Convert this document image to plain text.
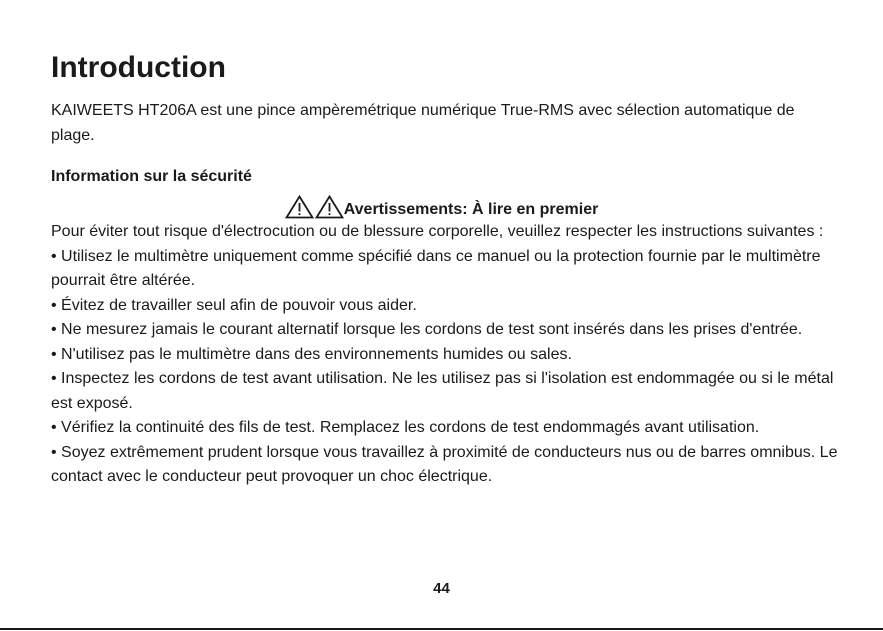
Introduction

KAIWEETS HT206A est une pince ampèremétrique numérique True-RMS avec sélection automatique de plage.

Information sur la sécurité
Avertissements: À lire en premier

Pour éviter tout risque d'électrocution ou de blessure corporelle, veuillez respecter les instructions suivantes :

• Utilisez le multimètre uniquement comme spécifié dans ce manuel ou la protection fournie par le multimètre pourrait être altérée.

• Évitez de travailler seul afin de pouvoir vous aider.

• Ne mesurez jamais le courant alternatif lorsque les cordons de test sont insérés dans les prises d'entrée.

• N'utilisez pas le multimètre dans des environnements humides ou sales.

• Inspectez les cordons de test avant utilisation. Ne les utilisez pas si l'isolation est endommagée ou si le métal est exposé.

• Vérifiez la continuité des fils de test. Remplacez les cordons de test endommagés avant utilisation.

• Soyez extrêmement prudent lorsque vous travaillez à proximité de conducteurs nus ou de barres omnibus. Le contact avec le conducteur peut provoquer un choc électrique.

44
